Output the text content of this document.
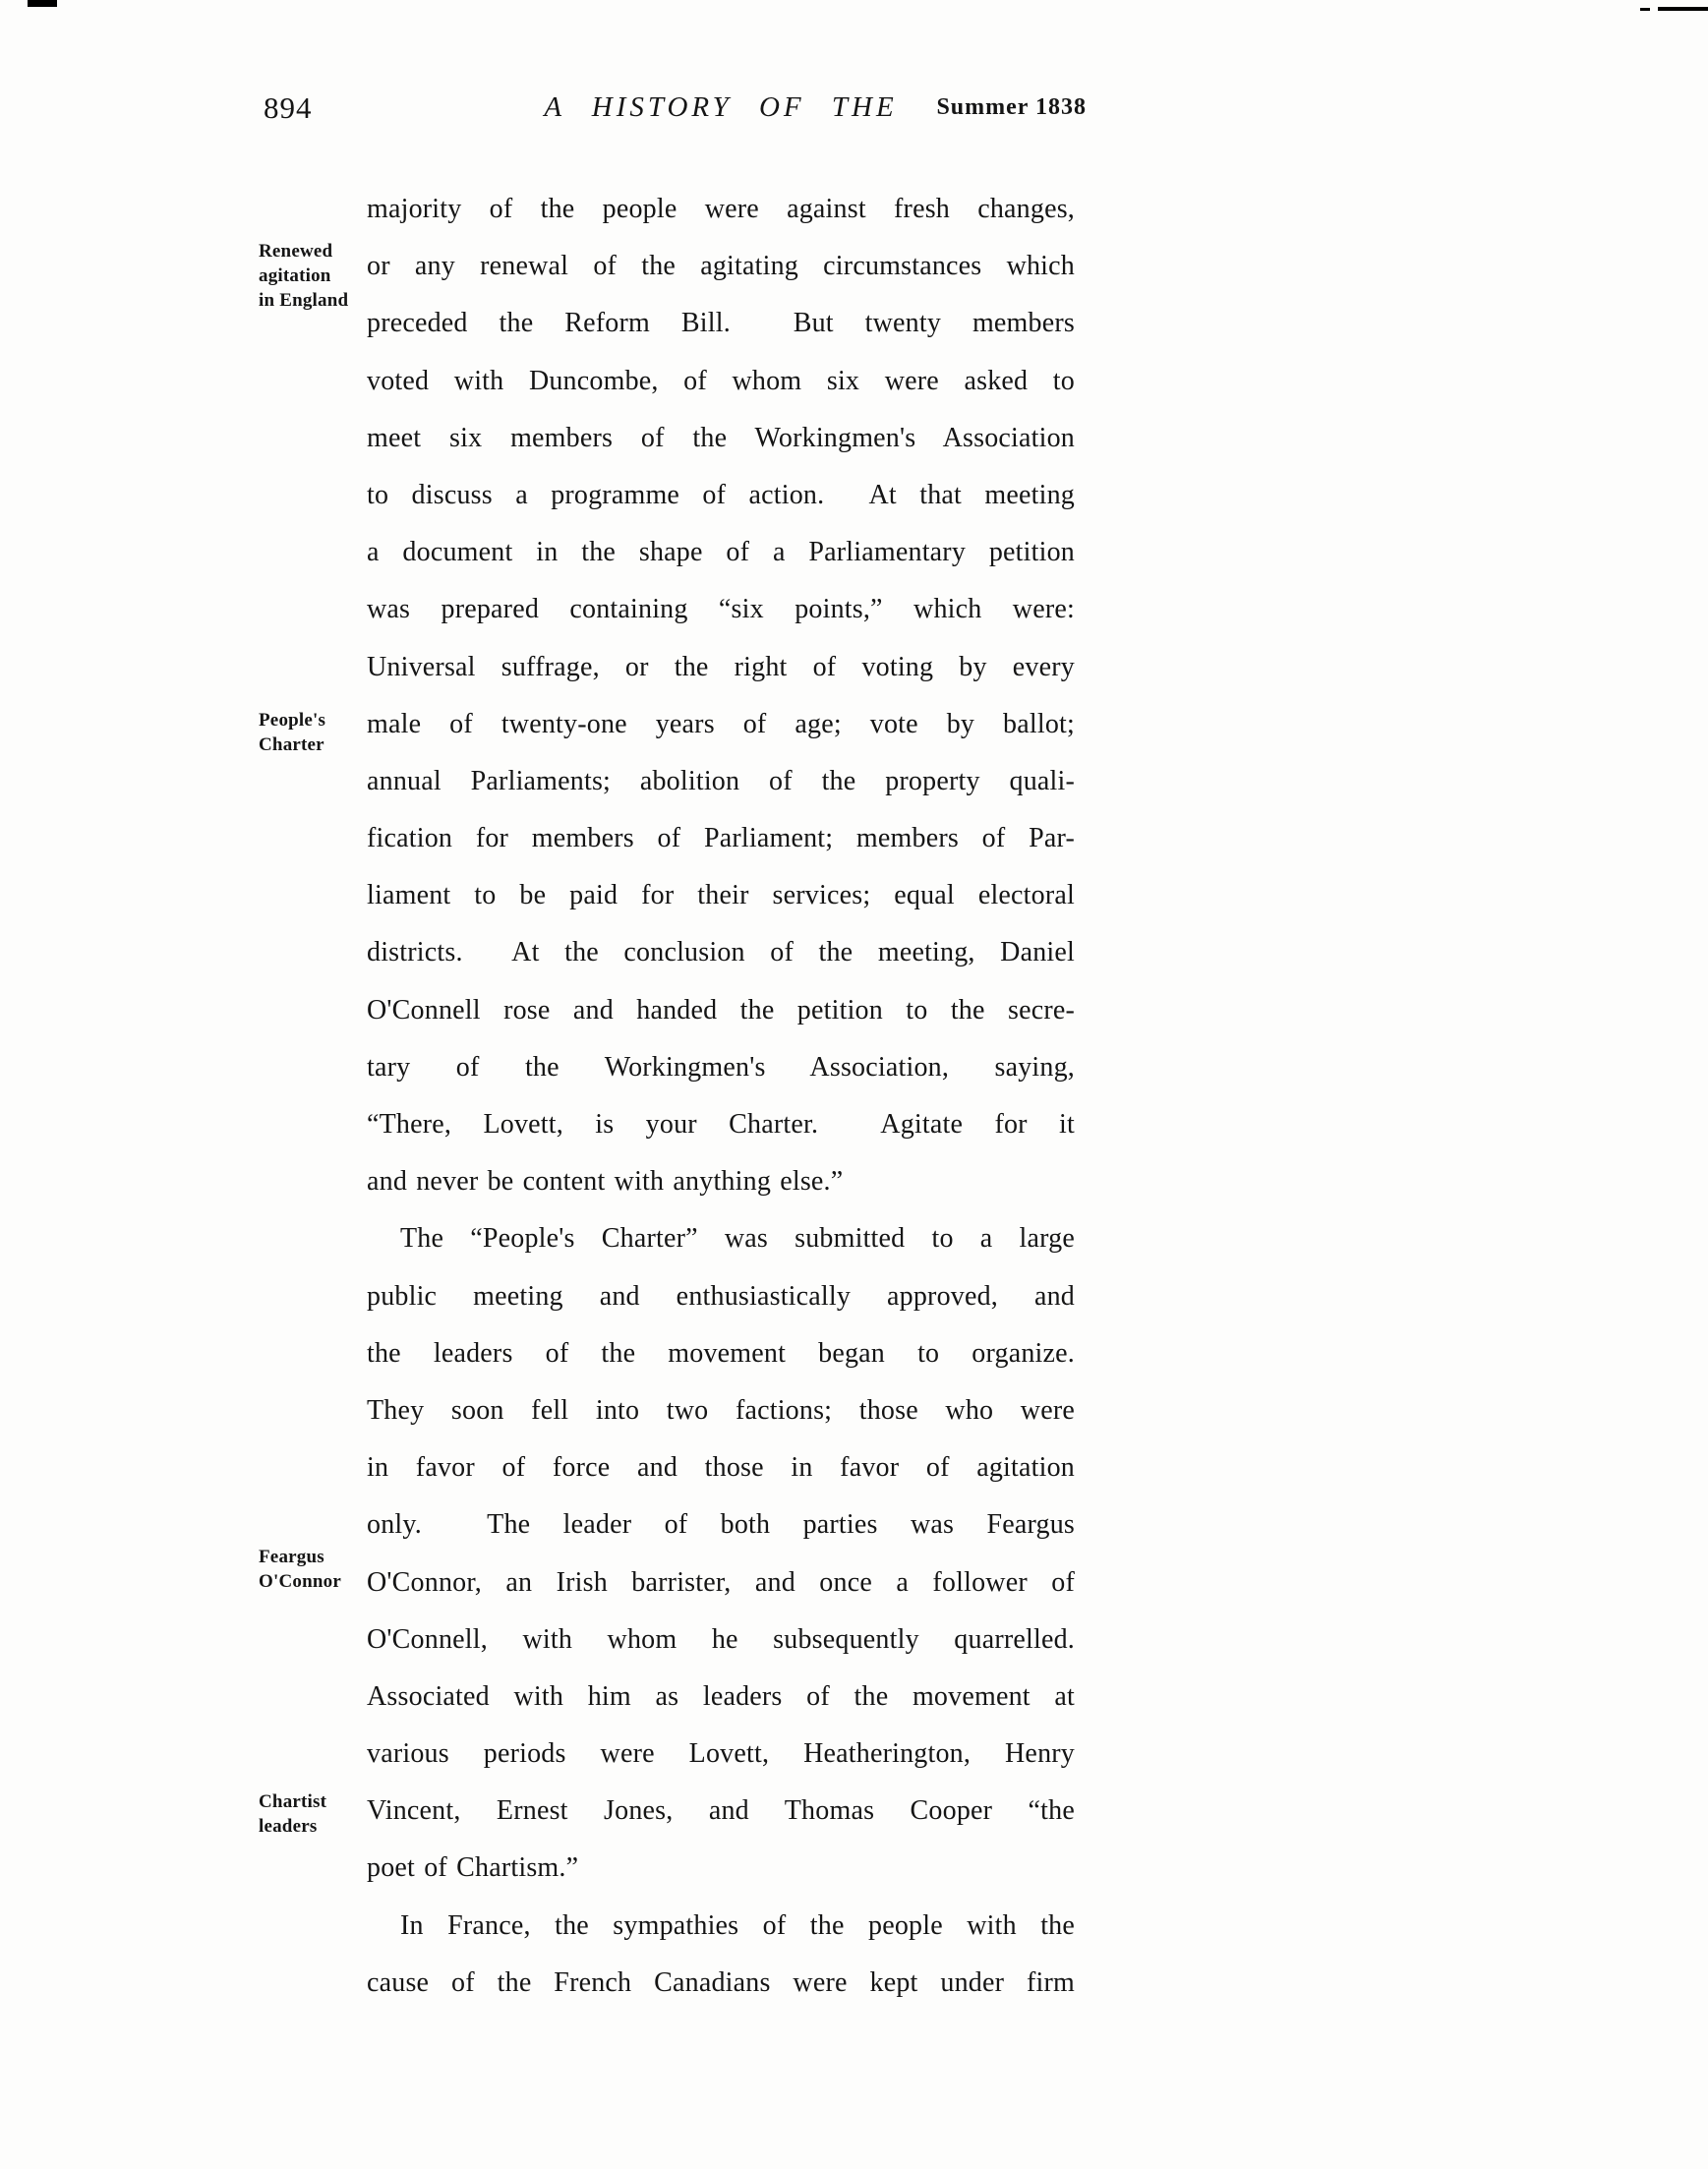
894	A HISTORY OF THE	Summer 1838
Renewed
agitation
in England
People's
Charter
Feargus
O'Connor
Chartist
leaders
majority of the people were against fresh changes,
or any renewal of the agitating circumstances which
preceded the Reform Bill.  But twenty members
voted with Duncombe, of whom six were asked to
meet six members of the Workingmen's Association
to discuss a programme of action.  At that meeting
a document in the shape of a Parliamentary petition
was prepared containing “six points,” which were:
Universal suffrage, or the right of voting by every
male of twenty-one years of age; vote by ballot;
annual Parliaments; abolition of the property quali-
fication for members of Parliament; members of Par-
liament to be paid for their services; equal electoral
districts.  At the conclusion of the meeting, Daniel
O'Connell rose and handed the petition to the secre-
tary of the Workingmen's Association, saying,
“There, Lovett, is your Charter.  Agitate for it
and never be content with anything else.”
The “People's Charter” was submitted to a large
public meeting and enthusiastically approved, and
the leaders of the movement began to organize.
They soon fell into two factions; those who were
in favor of force and those in favor of agitation
only.  The leader of both parties was Feargus
O'Connor, an Irish barrister, and once a follower of
O'Connell, with whom he subsequently quarrelled.
Associated with him as leaders of the movement at
various periods were Lovett, Heatherington, Henry
Vincent, Ernest Jones, and Thomas Cooper “the
poet of Chartism.”
In France, the sympathies of the people with the
cause of the French Canadians were kept under firm
